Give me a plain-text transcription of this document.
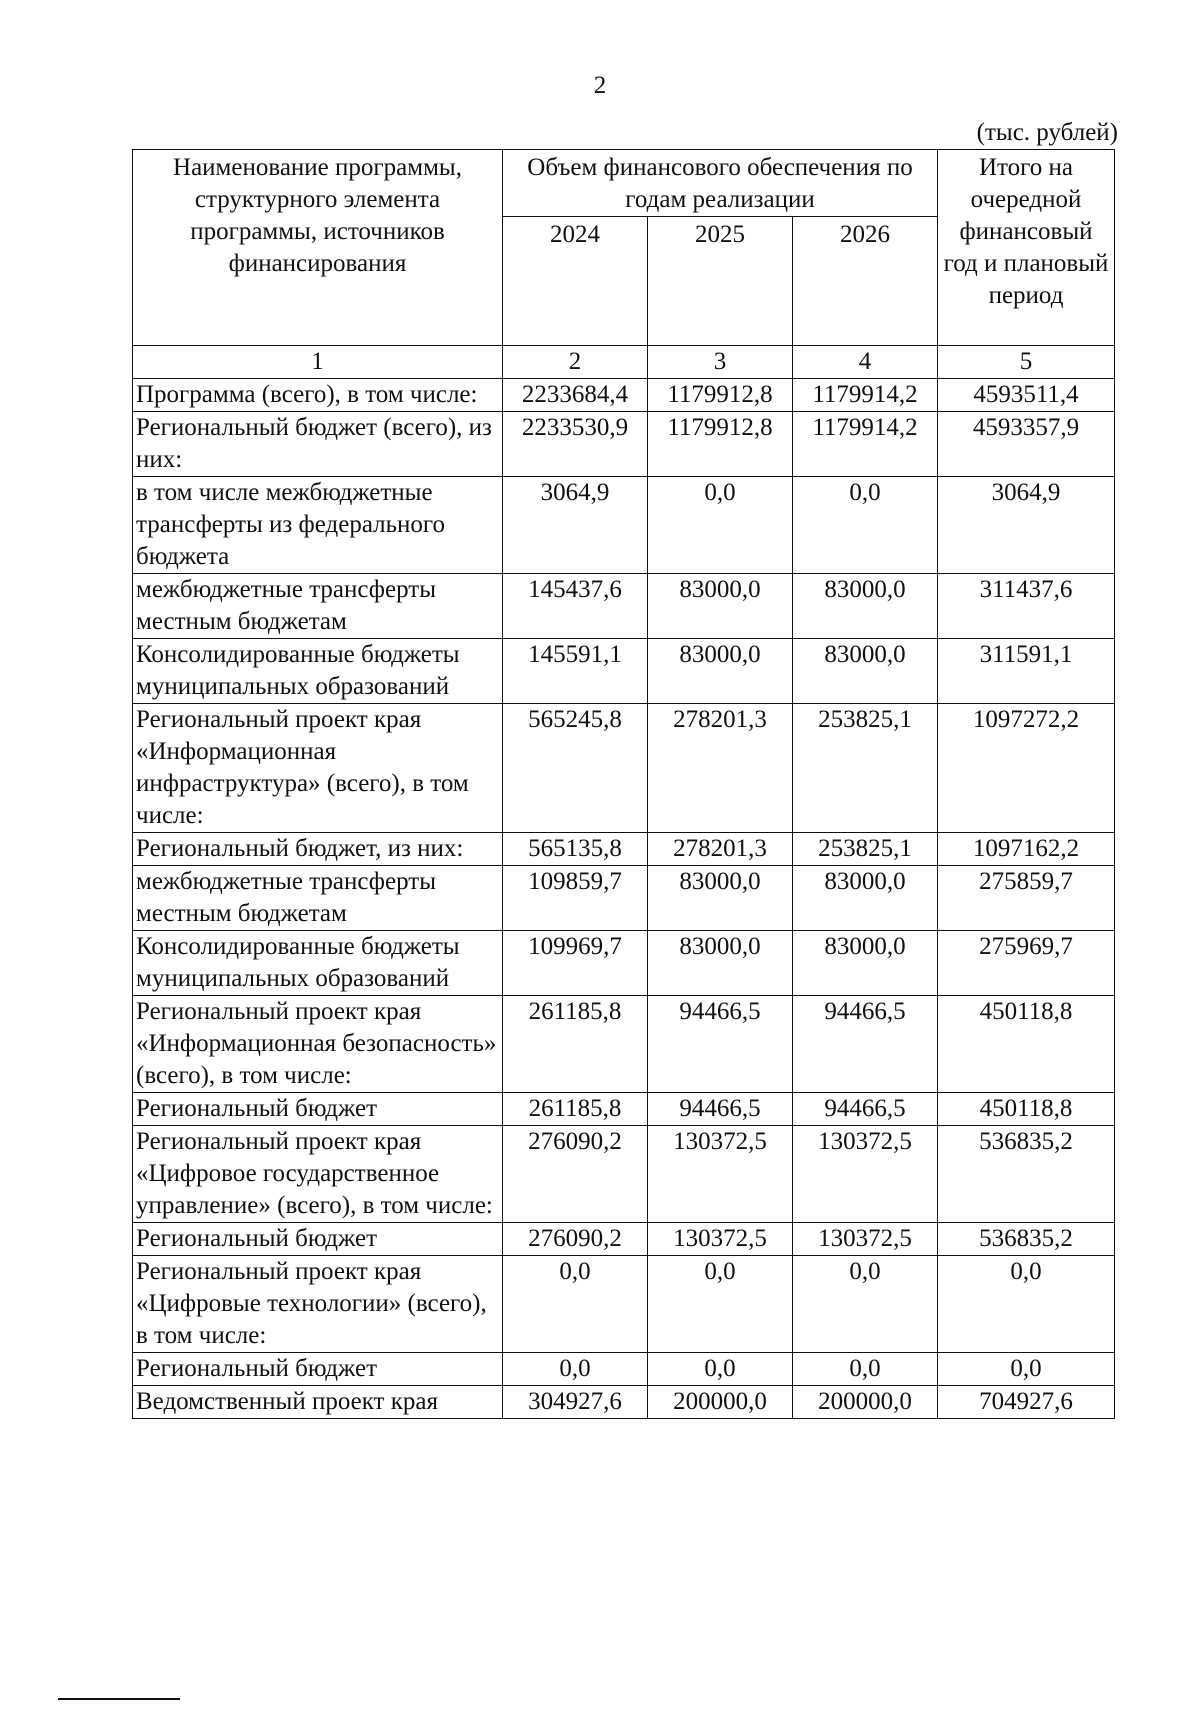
2
(тыс. рублей)
Наименование программы, структурного элемента программы, источников финансирования	Объем финансового обеспечения по годам реализации			Итого на очередной финансовый год и плановый период
	2024	2025	2026	
1	2	3	4	5
Программа (всего), в том числе:	2233684,4	1179912,8	1179914,2	4593511,4
Региональный бюджет (всего), из них:	2233530,9	1179912,8	1179914,2	4593357,9
в том числе межбюджетные трансферты из федерального бюджета	3064,9	0,0	0,0	3064,9
межбюджетные трансферты местным бюджетам	145437,6	83000,0	83000,0	311437,6
Консолидированные бюджеты муниципальных образований	145591,1	83000,0	83000,0	311591,1
Региональный проект края «Информационная инфраструктура» (всего), в том числе:	565245,8	278201,3	253825,1	1097272,2
Региональный бюджет, из них:	565135,8	278201,3	253825,1	1097162,2
межбюджетные трансферты местным бюджетам	109859,7	83000,0	83000,0	275859,7
Консолидированные бюджеты муниципальных образований	109969,7	83000,0	83000,0	275969,7
Региональный проект края «Информационная безопасность» (всего), в том числе:	261185,8	94466,5	94466,5	450118,8
Региональный бюджет	261185,8	94466,5	94466,5	450118,8
Региональный проект края «Цифровое государственное управление» (всего), в том числе:	276090,2	130372,5	130372,5	536835,2
Региональный бюджет	276090,2	130372,5	130372,5	536835,2
Региональный проект края «Цифровые технологии» (всего), в том числе:	0,0	0,0	0,0	0,0
Региональный бюджет	0,0	0,0	0,0	0,0
Ведомственный проект края	304927,6	200000,0	200000,0	704927,6
